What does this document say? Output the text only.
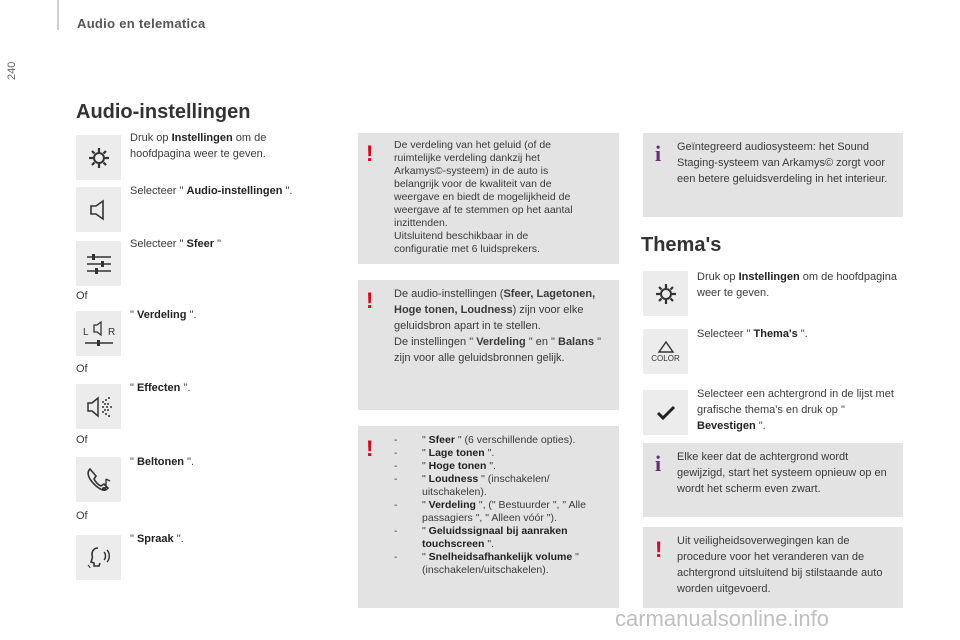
Audio en telematica
240
Audio-instellingen
Druk op Instellingen om de hoofdpagina weer te geven.
Selecteer " Audio-instellingen ".
Selecteer " Sfeer "
Of
L R
" Verdeling ".
Of
" Effecten ".
Of
" Beltonen ".
Of
" Spraak ".
! De verdeling van het geluid (of de
ruimtelijke verdeling dankzij het
Arkamys©-systeem) in de auto is
belangrijk voor de kwaliteit van de
weergave en biedt de mogelijkheid de
weergave af te stemmen op het aantal
inzittenden.
Uitsluitend beschikbaar in de
configuratie met 6 luidsprekers.
! De audio-instellingen (Sfeer, Lagetonen, Hoge tonen, Loudness) zijn voor elke geluidsbron apart in te stellen.
De instellingen " Verdeling " en " Balans " zijn voor alle geluidsbronnen gelijk.
! -	" Sfeer " (6 verschillende opties).
-	" Lage tonen ".
-	" Hoge tonen ".
-	" Loudness " (inschakelen/ uitschakelen).
-	" Verdeling ", (" Bestuurder ", " Alle passagiers ", " Alleen vóór ").
-	" Geluidssignaal bij aanraken touchscreen ".
-	" Snelheidsafhankelijk volume " (inschakelen/uitschakelen).
i Geïntegreerd audiosysteem: het Sound Staging-systeem van Arkamys© zorgt voor een betere geluidsverdeling in het interieur.
Thema's
Druk op Instellingen om de hoofdpagina weer te geven.
COLOR
Selecteer " Thema's ".
Selecteer een achtergrond in de lijst met grafische thema's en druk op " Bevestigen ".
i Elke keer dat de achtergrond wordt gewijzigd, start het systeem opnieuw op en wordt het scherm even zwart.
! Uit veiligheidsoverwegingen kan de procedure voor het veranderen van de achtergrond uitsluitend bij stilstaande auto worden uitgevoerd.
carmanualsonline.info
